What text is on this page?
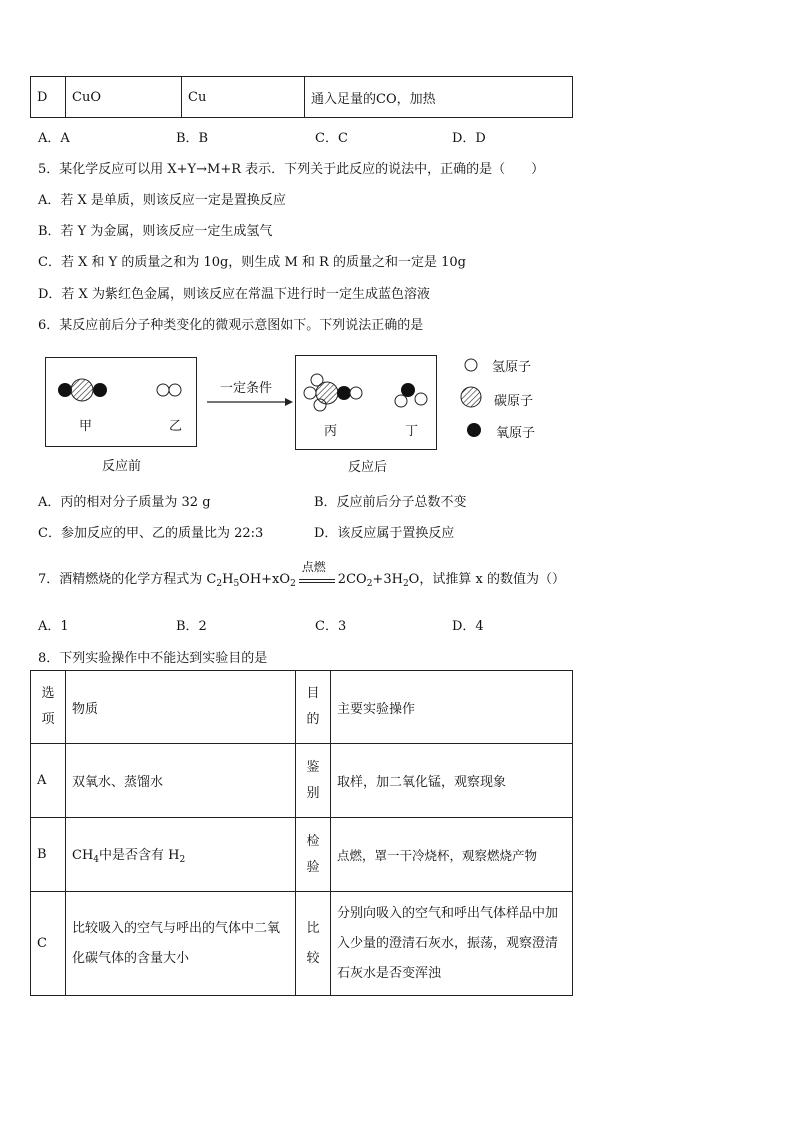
D	CuO	Cu	通入足量的CO，加热
A．A	B．B	C．C	D．D
5．某化学反应可以用 X+Y→M+R 表示．下列关于此反应的说法中，正确的是（　　）
A．若 X 是单质，则该反应一定是置换反应
B．若 Y 为金属，则该反应一定生成氢气
C．若 X 和 Y 的质量之和为 10g，则生成 M 和 R 的质量之和一定是 10g
D．若 X 为紫红色金属，则该反应在常温下进行时一定生成蓝色溶液
6．某反应前后分子种类变化的微观示意图如下。下列说法正确的是
甲	乙
反应前
一定条件
丙	丁
反应后
氢原子
碳原子
氧原子
A．丙的相对分子质量为 32 g	B．反应前后分子总数不变
C．参加反应的甲、乙的质量比为 22:3	D．该反应属于置换反应
7．酒精燃烧的化学方程式为 $C_2H_5OH+xO_2$
点燃
$2CO_2+3H_2O$，试推算 x 的数值为（）
A．1	B．2	C．3	D．4
8．下列实验操作中不能达到实验目的是
选项	物质	目的	主要实验操作
A	双氧水、蒸馏水	鉴别	取样，加二氧化锰，观察现象
B	$CH_4$中是否含有 $H_2$	检验	点燃，罩一干冷烧杯，观察燃烧产物
C	比较吸入的空气与呼出的气体中二氧化碳气体的含量大小	比较	分别向吸入的空气和呼出气体样品中加入少量的澄清石灰水，振荡，观察澄清石灰水是否变浑浊
